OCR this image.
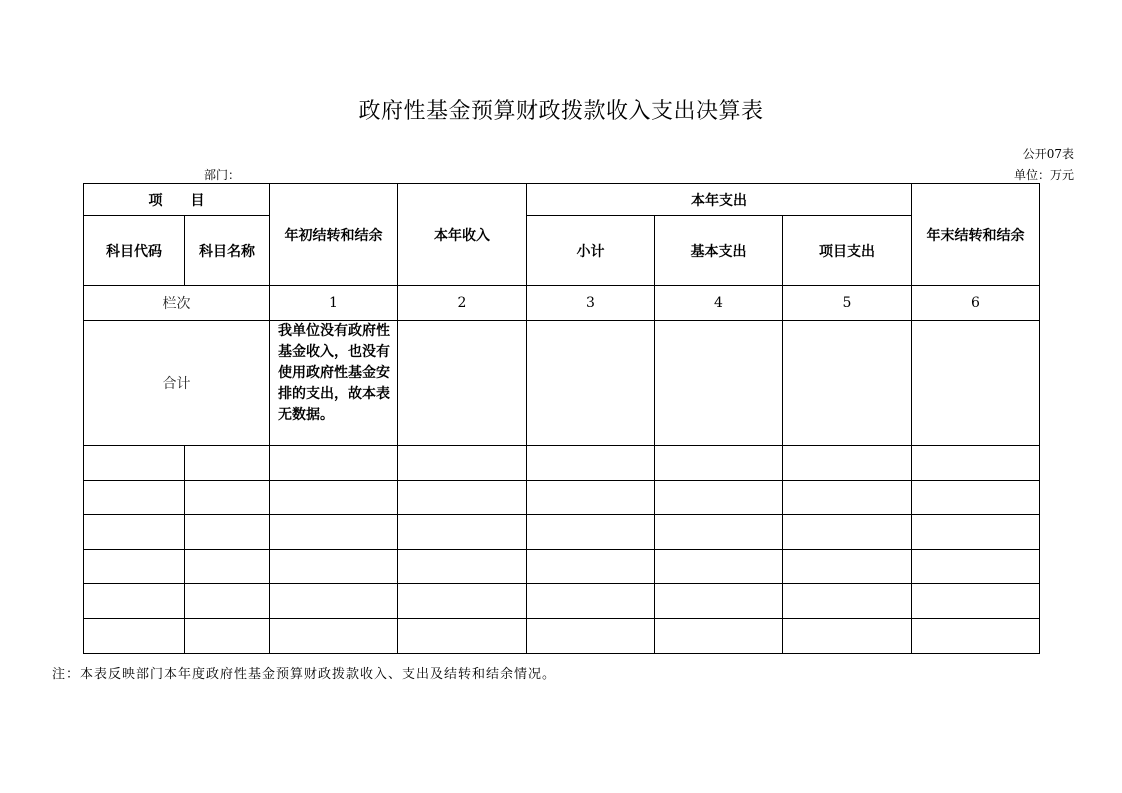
政府性基金预算财政拨款收入支出决算表
公开07表
部门：	单位：万元
项　　目		年初结转和结余	本年收入	本年支出			年末结转和结余
科目代码	科目名称			小计	基本支出	项目支出	
栏次		1	2	3	4	5	6
合计		我单位没有政府性基金收入，也没有使用政府性基金安排的支出，故本表无数据。					

注：本表反映部门本年度政府性基金预算财政拨款收入、支出及结转和结余情况。
